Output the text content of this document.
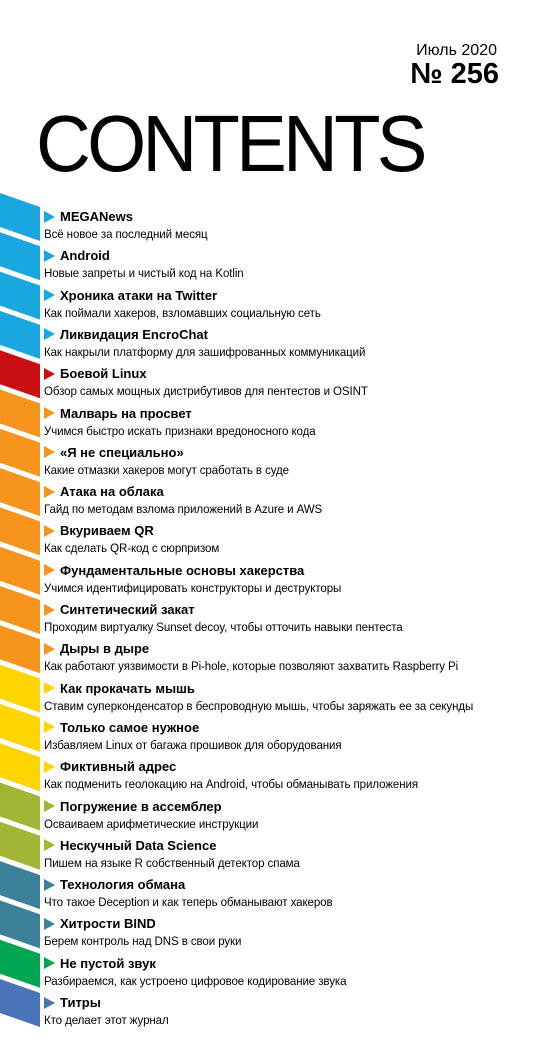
Июль 2020
№ 256
CONTENTS
MEGANews
Всё новое за последний месяц
Android
Новые запреты и чистый код на Kotlin
Хроника атаки на Twitter
Как поймали хакеров, взломавших социальную сеть
Ликвидация EncroChat
Как накрыли платформу для зашифрованных коммуникаций
Боевой Linux
Обзор самых мощных дистрибутивов для пентестов и OSINT
Малварь на просвет
Учимся быстро искать признаки вредоносного кода
«Я не специально»
Какие отмазки хакеров могут сработать в суде
Атака на облака
Гайд по методам взлома приложений в Azure и AWS
Вкуриваем QR
Как сделать QR-код с сюрпризом
Фундаментальные основы хакерства
Учимся идентифицировать конструкторы и деструкторы
Синтетический закат
Проходим виртуалку Sunset decoy, чтобы отточить навыки пентеста
Дыры в дыре
Как работают уязвимости в Pi-hole, которые позволяют захватить Raspberry Pi
Как прокачать мышь
Ставим суперконденсатор в беспроводную мышь, чтобы заряжать ее за секунды
Только самое нужное
Избавляем Linux от багажа прошивок для оборудования
Фиктивный адрес
Как подменить геолокацию на Android, чтобы обманывать приложения
Погружение в ассемблер
Осваиваем арифметические инструкции
Нескучный Data Science
Пишем на языке R собственный детектор спама
Технология обмана
Что такое Deception и как теперь обманывают хакеров
Хитрости BIND
Берем контроль над DNS в свои руки
Не пустой звук
Разбираемся, как устроено цифровое кодирование звука
Титры
Кто делает этот журнал
